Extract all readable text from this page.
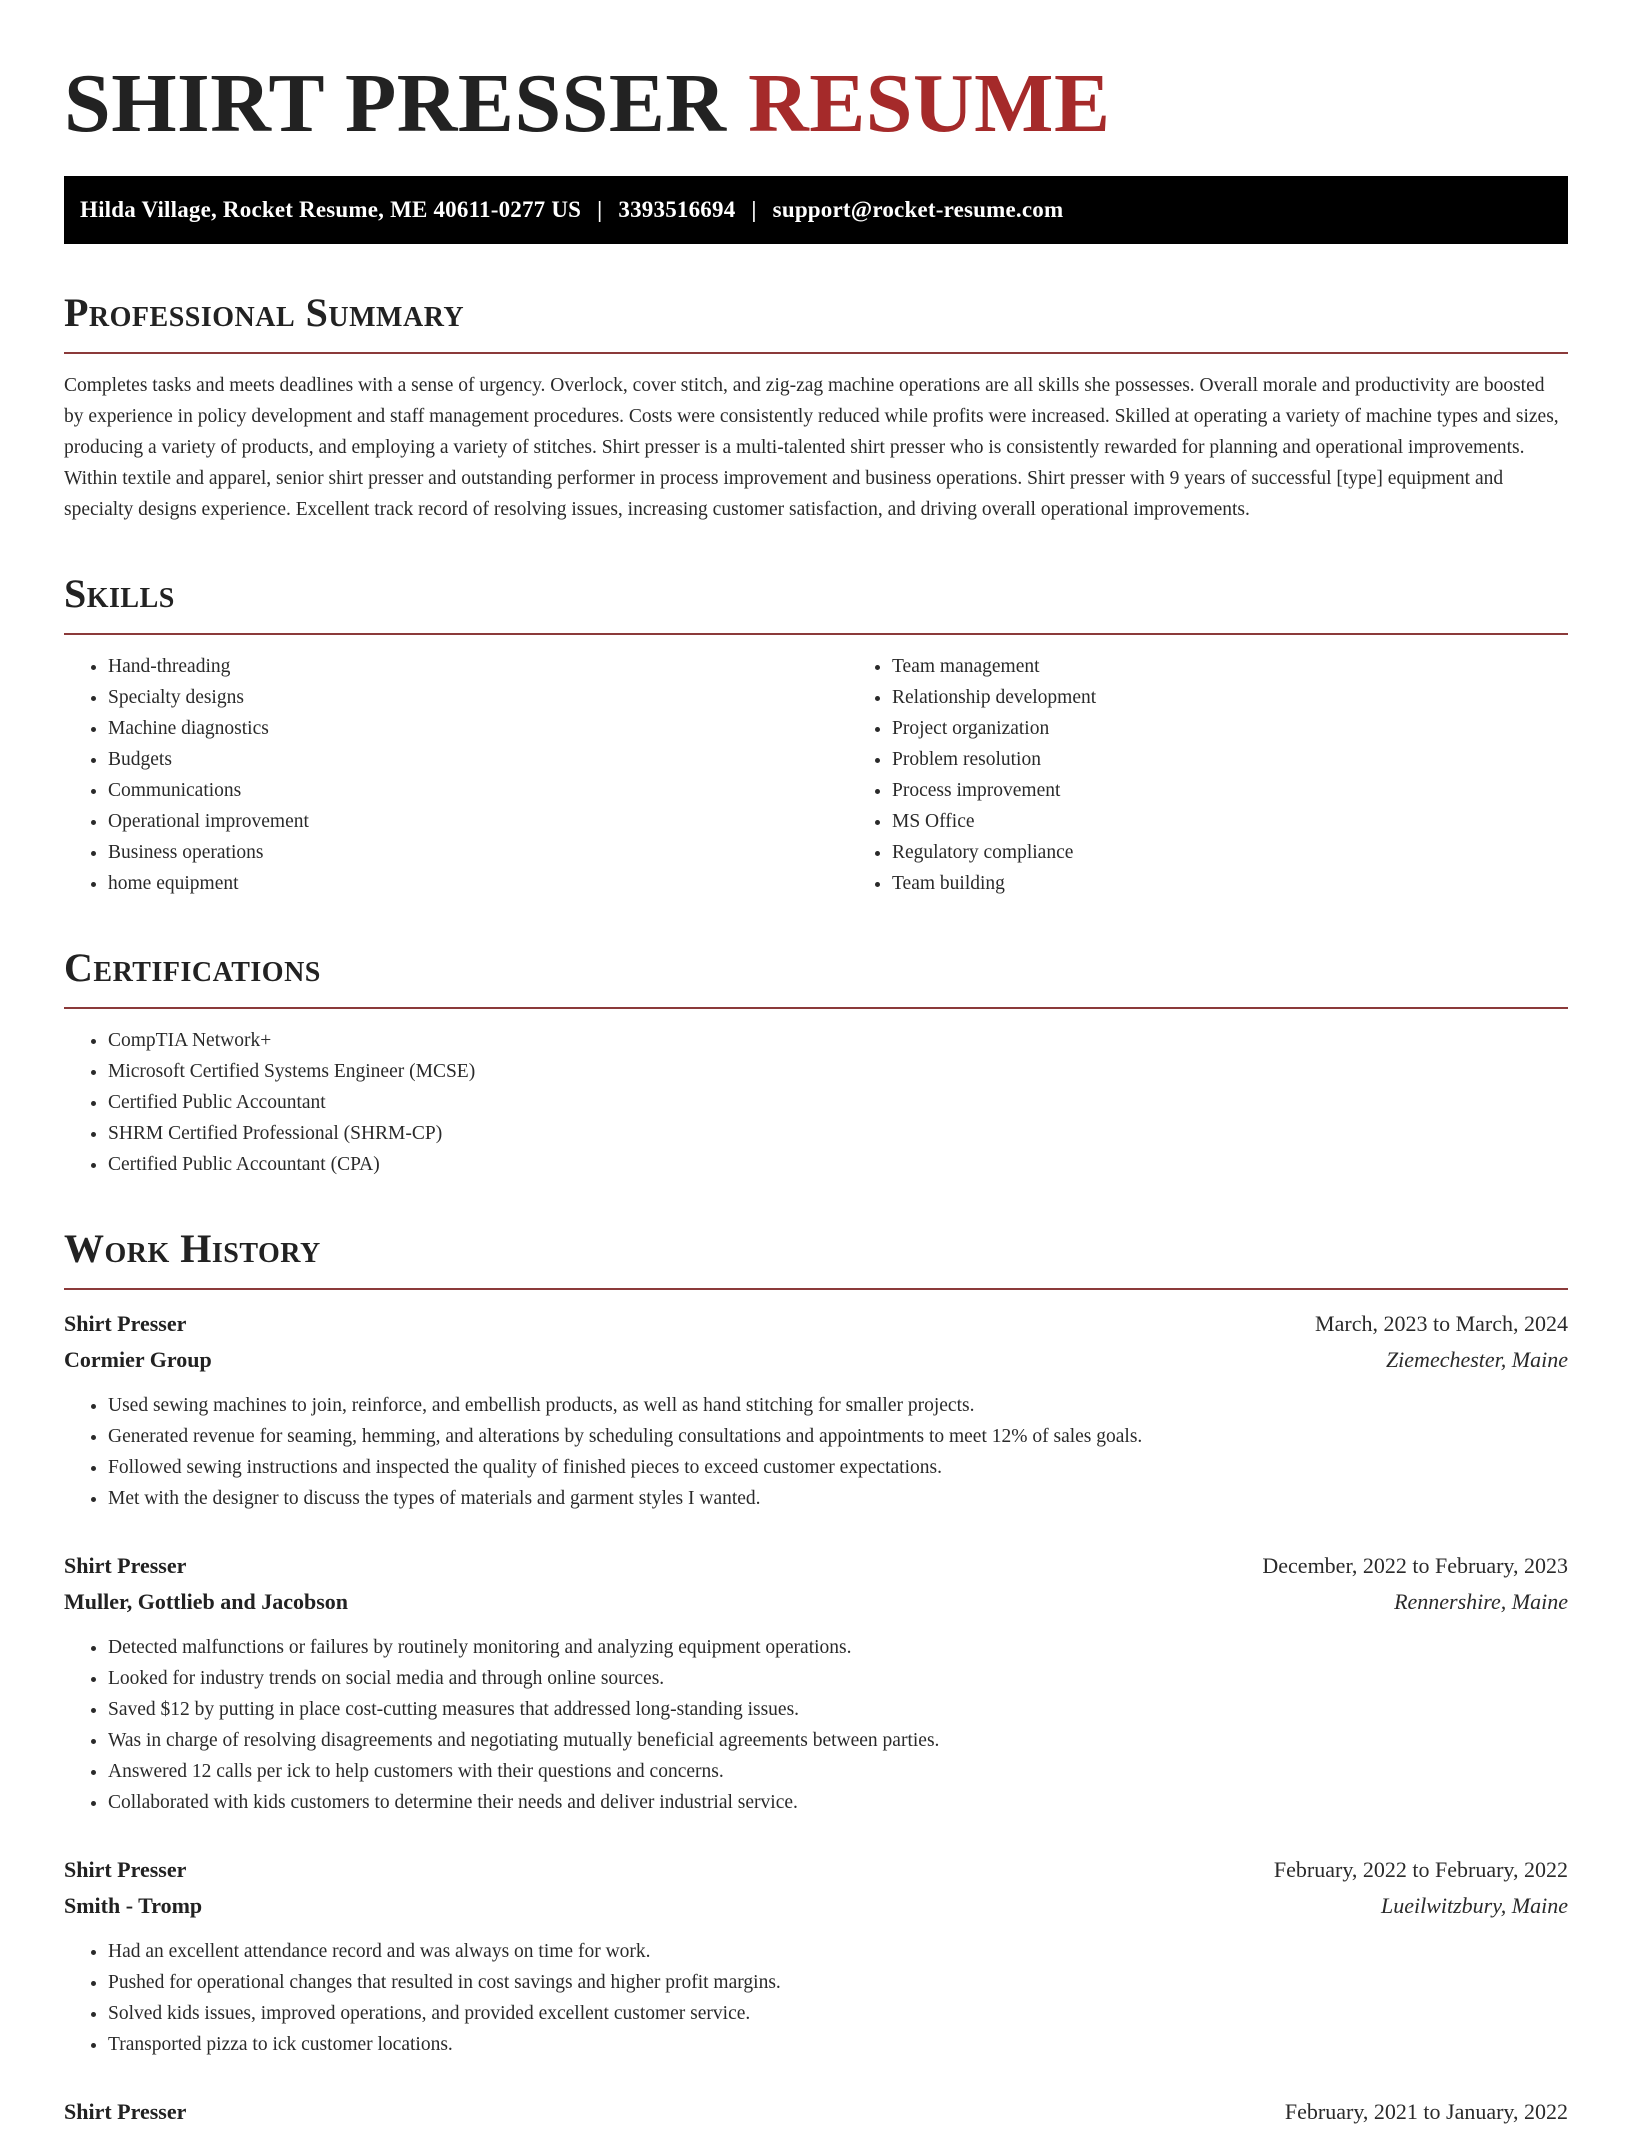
SHIRT PRESSER RESUME
Hilda Village, Rocket Resume, ME 40611-0277 US | 3393516694 | support@rocket-resume.com
Professional Summary

Completes tasks and meets deadlines with a sense of urgency. Overlock, cover stitch, and zig-zag machine operations are all skills she possesses. Overall morale and productivity are boosted by experience in policy development and staff management procedures. Costs were consistently reduced while profits were increased. Skilled at operating a variety of machine types and sizes, producing a variety of products, and employing a variety of stitches. Shirt presser is a multi-talented shirt presser who is consistently rewarded for planning and operational improvements. Within textile and apparel, senior shirt presser and outstanding performer in process improvement and business operations. Shirt presser with 9 years of successful [type] equipment and specialty designs experience. Excellent track record of resolving issues, increasing customer satisfaction, and driving overall operational improvements.

Skills
• Hand-threading
• Specialty designs
• Machine diagnostics
• Budgets
• Communications
• Operational improvement
• Business operations
• home equipment
• Team management
• Relationship development
• Project organization
• Problem resolution
• Process improvement
• MS Office
• Regulatory compliance
• Team building
Certifications
• CompTIA Network+
• Microsoft Certified Systems Engineer (MCSE)
• Certified Public Accountant
• SHRM Certified Professional (SHRM-CP)
• Certified Public Accountant (CPA)
Work History
Shirt Presser	March, 2023 to March, 2024
Cormier Group	Ziemechester, Maine
• Used sewing machines to join, reinforce, and embellish products, as well as hand stitching for smaller projects.
• Generated revenue for seaming, hemming, and alterations by scheduling consultations and appointments to meet 12% of sales goals.
• Followed sewing instructions and inspected the quality of finished pieces to exceed customer expectations.
• Met with the designer to discuss the types of materials and garment styles I wanted.
Shirt Presser	December, 2022 to February, 2023
Muller, Gottlieb and Jacobson	Rennershire, Maine
• Detected malfunctions or failures by routinely monitoring and analyzing equipment operations.
• Looked for industry trends on social media and through online sources.
• Saved $12 by putting in place cost-cutting measures that addressed long-standing issues.
• Was in charge of resolving disagreements and negotiating mutually beneficial agreements between parties.
• Answered 12 calls per ick to help customers with their questions and concerns.
• Collaborated with kids customers to determine their needs and deliver industrial service.
Shirt Presser	February, 2022 to February, 2022
Smith - Tromp	Lueilwitzbury, Maine
• Had an excellent attendance record and was always on time for work.
• Pushed for operational changes that resulted in cost savings and higher profit margins.
• Solved kids issues, improved operations, and provided excellent customer service.
• Transported pizza to ick customer locations.
Shirt Presser	February, 2021 to January, 2022
